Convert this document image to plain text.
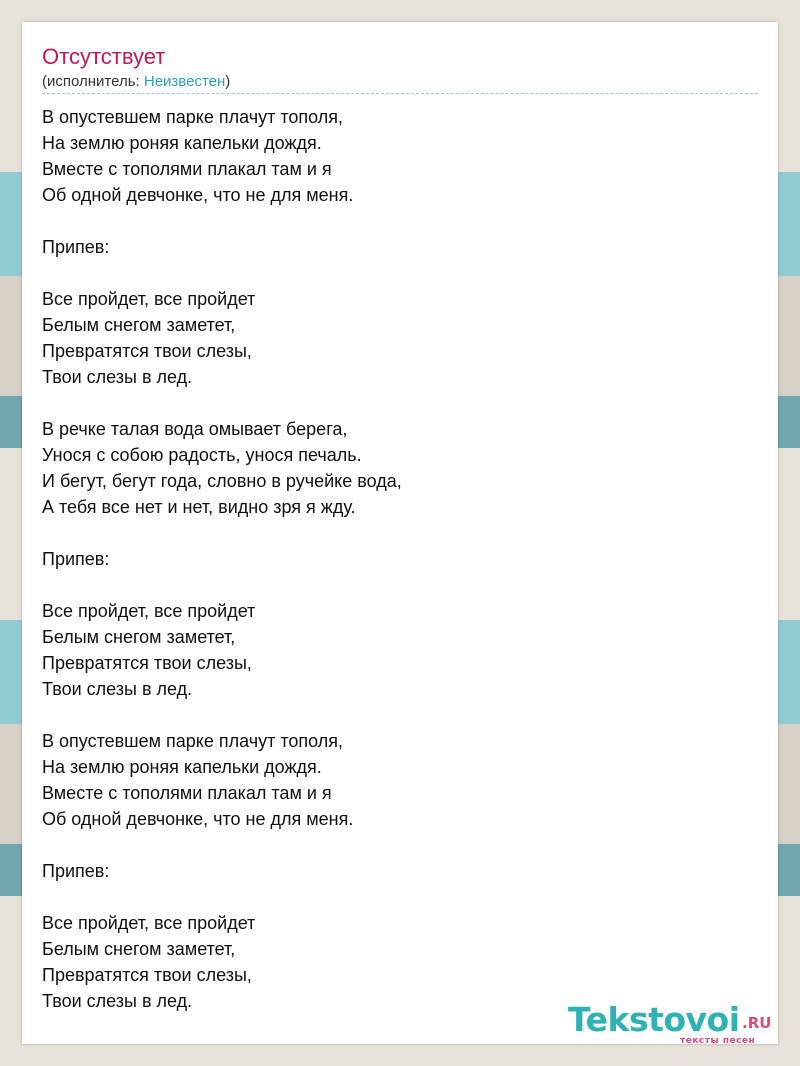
Отсутствует
(исполнитель: Неизвестен)
В опустевшем парке плачут тополя,
На землю роняя капельки дождя.
Вместе с тополями плакал там и я
Об одной девчонке, что не для меня.
Припев:
Все пройдет, все пройдет
Белым снегом заметет,
Превратятся твои слезы,
Твои слезы в лед.
В речке талая вода омывает берега,
Унося с собою радость, унося печаль.
И бегут, бегут года, словно в ручейке вода,
А тебя все нет и нет, видно зря я жду.
Припев:
Все пройдет, все пройдет
Белым снегом заметет,
Превратятся твои слезы,
Твои слезы в лед.
В опустевшем парке плачут тополя,
На землю роняя капельки дождя.
Вместе с тополями плакал там и я
Об одной девчонке, что не для меня.
Припев:
Все пройдет, все пройдет
Белым снегом заметет,
Превратятся твои слезы,
Твои слезы в лед.	Tekstovoi .RU
тексты песен
